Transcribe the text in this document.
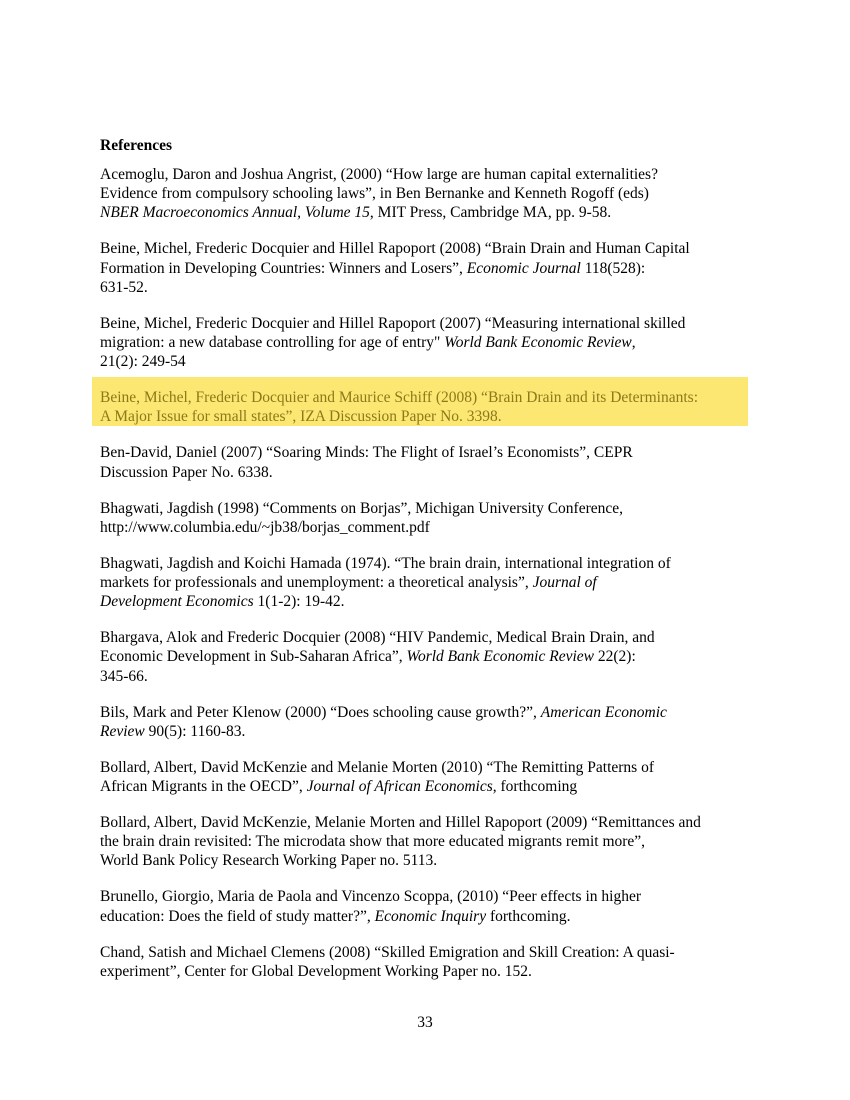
References

Acemoglu, Daron and Joshua Angrist, (2000) “How large are human capital externalities?
Evidence from compulsory schooling laws”, in Ben Bernanke and Kenneth Rogoff (eds)
NBER Macroeconomics Annual, Volume 15, MIT Press, Cambridge MA, pp. 9-58.

Beine, Michel, Frederic Docquier and Hillel Rapoport (2008) “Brain Drain and Human Capital
Formation in Developing Countries: Winners and Losers”, Economic Journal 118(528):
631-52.

Beine, Michel, Frederic Docquier and Hillel Rapoport (2007) “Measuring international skilled
migration: a new database controlling for age of entry" World Bank Economic Review,
21(2): 249-54

Beine, Michel, Frederic Docquier and Maurice Schiff (2008) “Brain Drain and its Determinants:
A Major Issue for small states”, IZA Discussion Paper No. 3398.

Ben-David, Daniel (2007) “Soaring Minds: The Flight of Israel’s Economists”, CEPR
Discussion Paper No. 6338.

Bhagwati, Jagdish (1998) “Comments on Borjas”, Michigan University Conference,
http://www.columbia.edu/~jb38/borjas_comment.pdf

Bhagwati, Jagdish and Koichi Hamada (1974). “The brain drain, international integration of
markets for professionals and unemployment: a theoretical analysis”, Journal of
Development Economics 1(1-2): 19-42.

Bhargava, Alok and Frederic Docquier (2008) “HIV Pandemic, Medical Brain Drain, and
Economic Development in Sub-Saharan Africa”, World Bank Economic Review 22(2):
345-66.

Bils, Mark and Peter Klenow (2000) “Does schooling cause growth?”, American Economic
Review 90(5): 1160-83.

Bollard, Albert, David McKenzie and Melanie Morten (2010) “The Remitting Patterns of
African Migrants in the OECD”, Journal of African Economics, forthcoming

Bollard, Albert, David McKenzie, Melanie Morten and Hillel Rapoport (2009) “Remittances and
the brain drain revisited: The microdata show that more educated migrants remit more”,
World Bank Policy Research Working Paper no. 5113.

Brunello, Giorgio, Maria de Paola and Vincenzo Scoppa, (2010) “Peer effects in higher
education: Does the field of study matter?”, Economic Inquiry forthcoming.

Chand, Satish and Michael Clemens (2008) “Skilled Emigration and Skill Creation: A quasi-
experiment”, Center for Global Development Working Paper no. 152.

33
